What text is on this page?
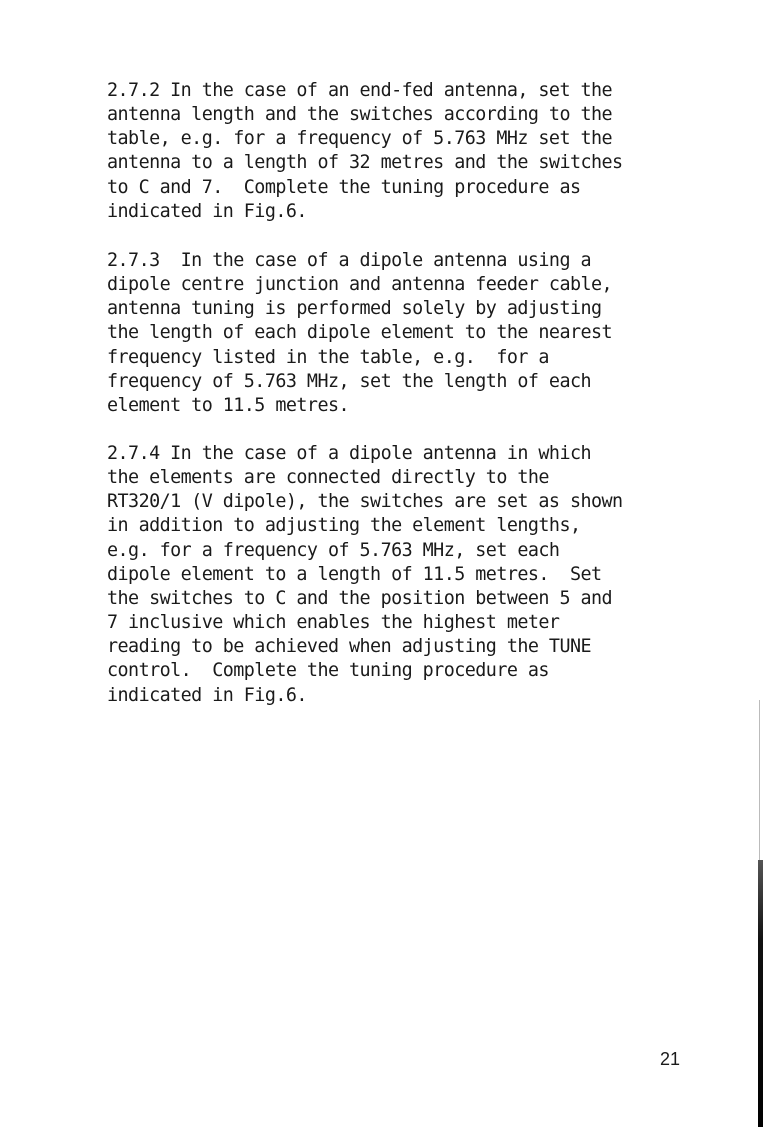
2.7.2 In the case of an end-fed antenna, set the
antenna length and the switches according to the
table, e.g. for a frequency of 5.763 MHz set the
antenna to a length of 32 metres and the switches
to C and 7.  Complete the tuning procedure as
indicated in Fig.6.
2.7.3  In the case of a dipole antenna using a
dipole centre junction and antenna feeder cable,
antenna tuning is performed solely by adjusting
the length of each dipole element to the nearest
frequency listed in the table, e.g.  for a
frequency of 5.763 MHz, set the length of each
element to 11.5 metres.
2.7.4 In the case of a dipole antenna in which
the elements are connected directly to the
RT320/1 (V dipole), the switches are set as shown
in addition to adjusting the element lengths,
e.g. for a frequency of 5.763 MHz, set each
dipole element to a length of 11.5 metres.  Set
the switches to C and the position between 5 and
7 inclusive which enables the highest meter
reading to be achieved when adjusting the TUNE
control.  Complete the tuning procedure as
indicated in Fig.6.
21
